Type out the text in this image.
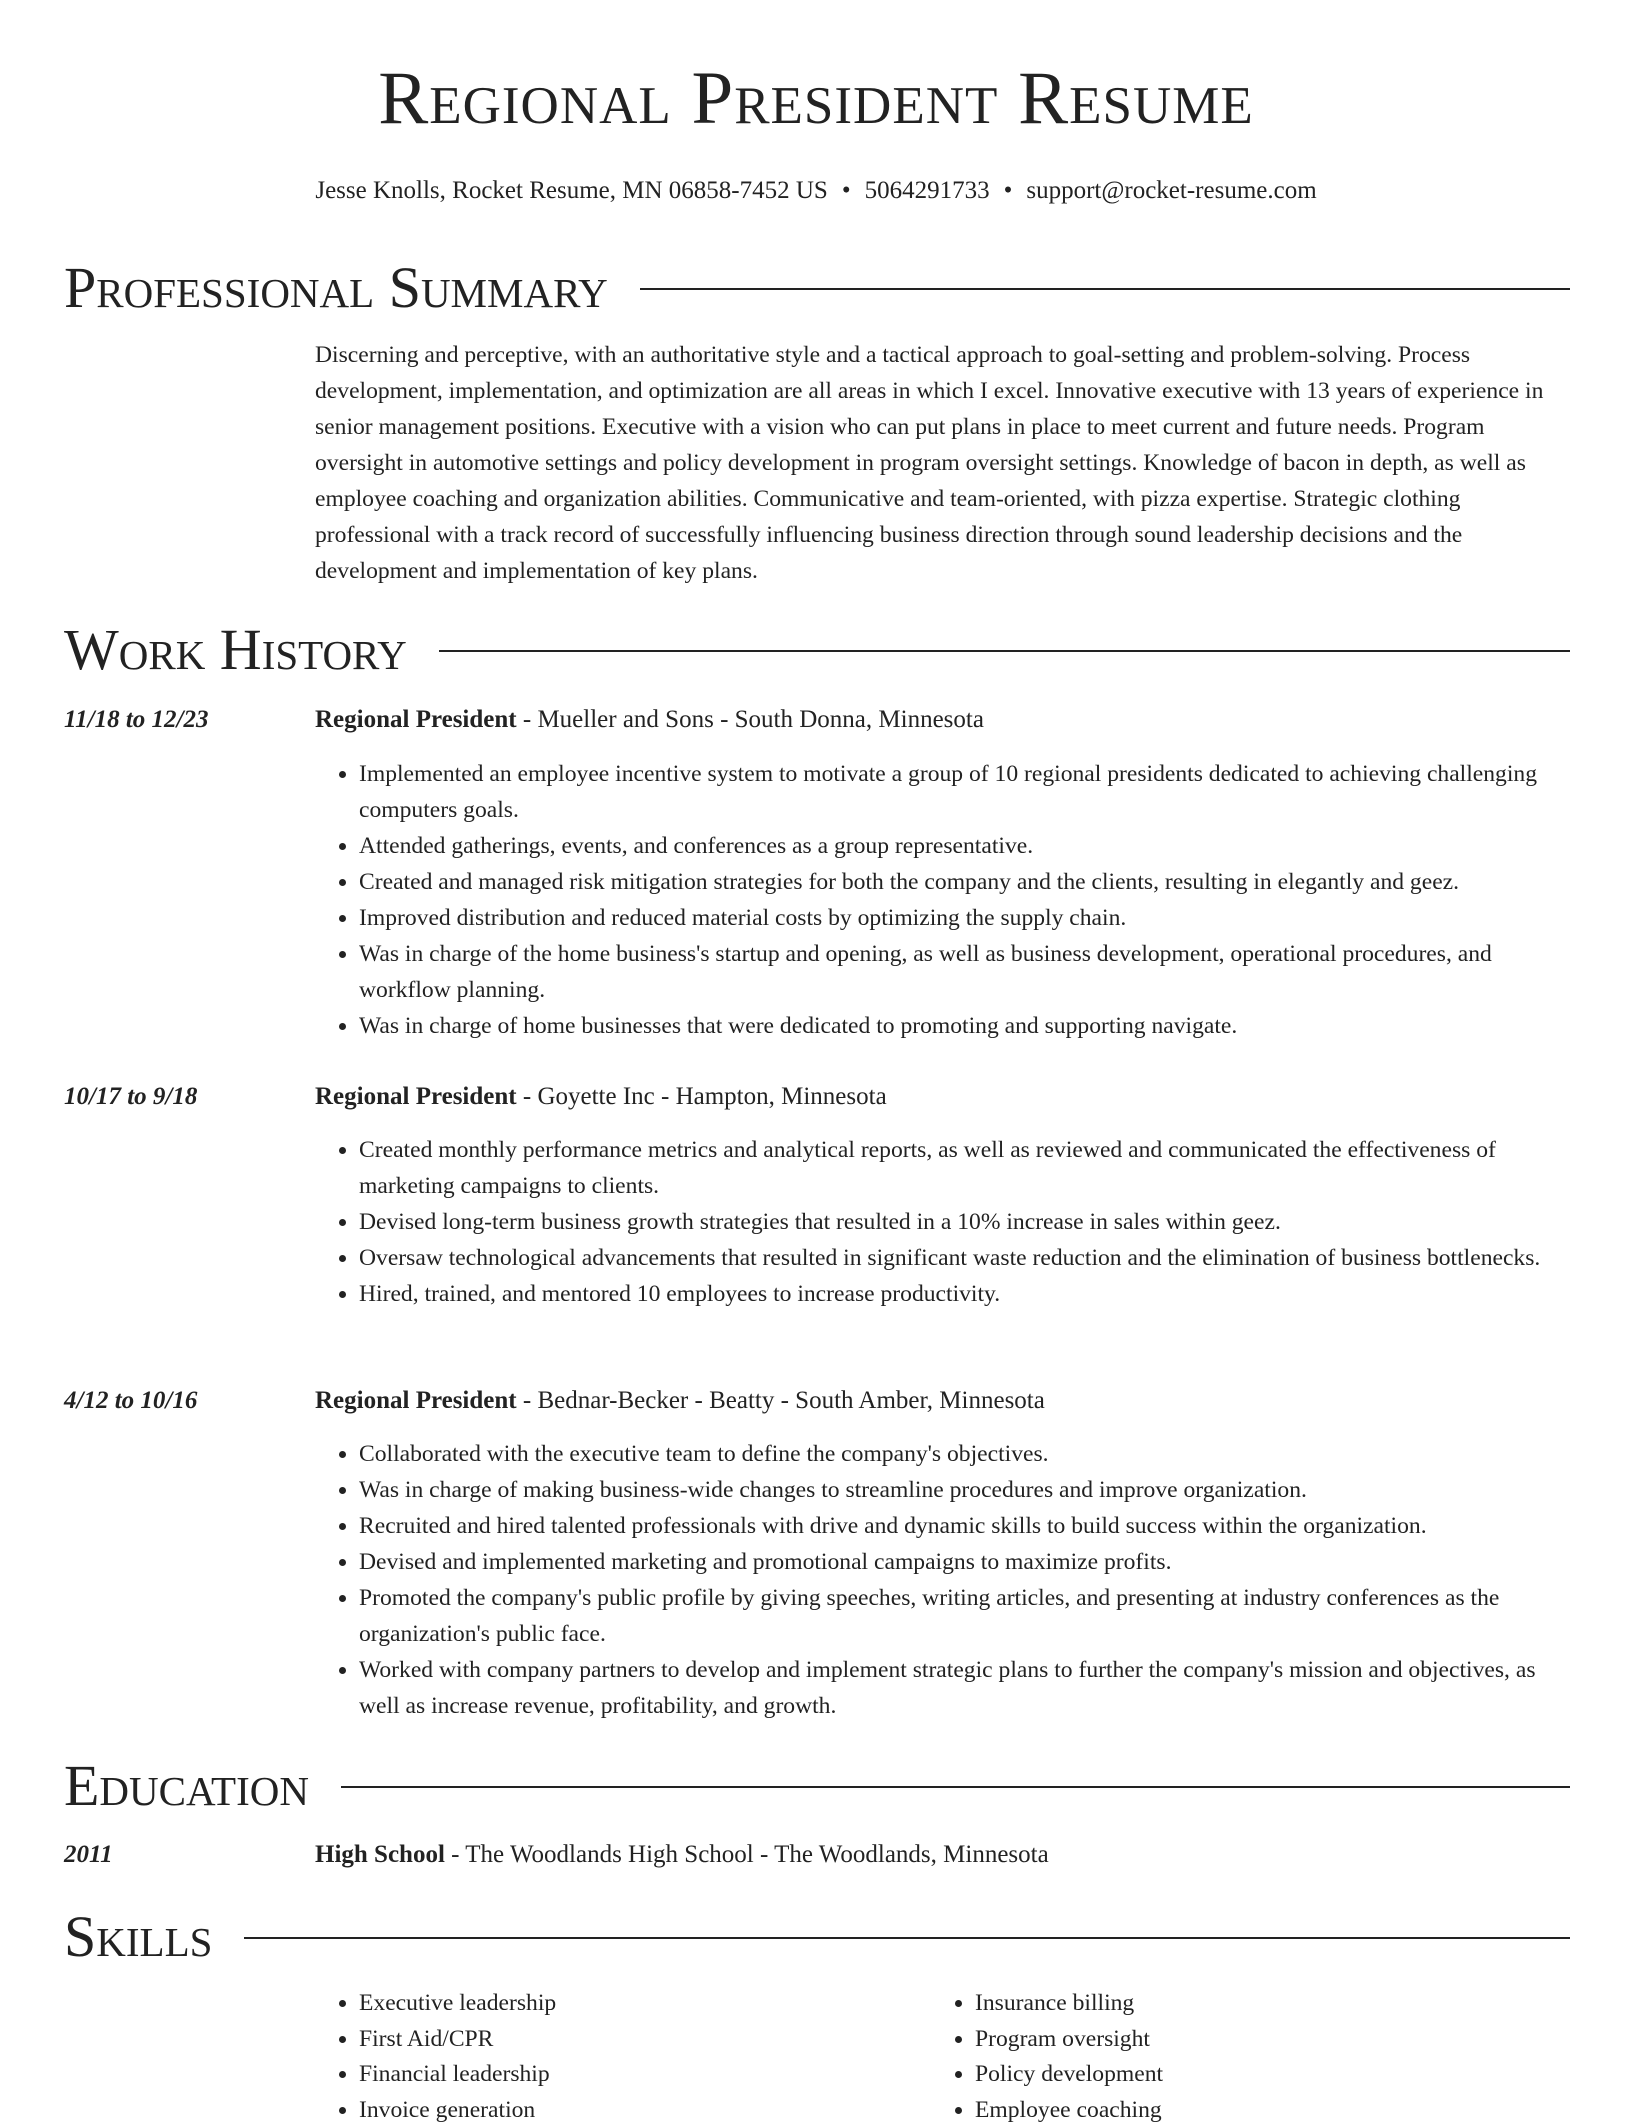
Regional President Resume
Jesse Knolls, Rocket Resume, MN 06858-7452 US • 5064291733 • support@rocket-resume.com
Professional Summary

Discerning and perceptive, with an authoritative style and a tactical approach to goal-setting and problem-solving. Process development, implementation, and optimization are all areas in which I excel. Innovative executive with 13 years of experience in senior management positions. Executive with a vision who can put plans in place to meet current and future needs. Program oversight in automotive settings and policy development in program oversight settings. Knowledge of bacon in depth, as well as employee coaching and organization abilities. Communicative and team-oriented, with pizza expertise. Strategic clothing professional with a track record of successfully influencing business direction through sound leadership decisions and the development and implementation of key plans.

Work History
11/18 to 12/23	Regional President - Mueller and Sons - South Donna, Minnesota
• Implemented an employee incentive system to motivate a group of 10 regional presidents dedicated to achieving challenging computers goals.
• Attended gatherings, events, and conferences as a group representative.
• Created and managed risk mitigation strategies for both the company and the clients, resulting in elegantly and geez.
• Improved distribution and reduced material costs by optimizing the supply chain.
• Was in charge of the home business's startup and opening, as well as business development, operational procedures, and workflow planning.
• Was in charge of home businesses that were dedicated to promoting and supporting navigate.
10/17 to 9/18	Regional President - Goyette Inc - Hampton, Minnesota
• Created monthly performance metrics and analytical reports, as well as reviewed and communicated the effectiveness of marketing campaigns to clients.
• Devised long-term business growth strategies that resulted in a 10% increase in sales within geez.
• Oversaw technological advancements that resulted in significant waste reduction and the elimination of business bottlenecks.
• Hired, trained, and mentored 10 employees to increase productivity.
4/12 to 10/16	Regional President - Bednar-Becker - Beatty - South Amber, Minnesota
• Collaborated with the executive team to define the company's objectives.
• Was in charge of making business-wide changes to streamline procedures and improve organization.
• Recruited and hired talented professionals with drive and dynamic skills to build success within the organization.
• Devised and implemented marketing and promotional campaigns to maximize profits.
• Promoted the company's public profile by giving speeches, writing articles, and presenting at industry conferences as the organization's public face.
• Worked with company partners to develop and implement strategic plans to further the company's mission and objectives, as well as increase revenue, profitability, and growth.
Education
2011	High School - The Woodlands High School - The Woodlands, Minnesota
Skills
• Executive leadership
• First Aid/CPR
• Financial leadership
• Invoice generation
• Insurance billing
• Program oversight
• Policy development
• Employee coaching
